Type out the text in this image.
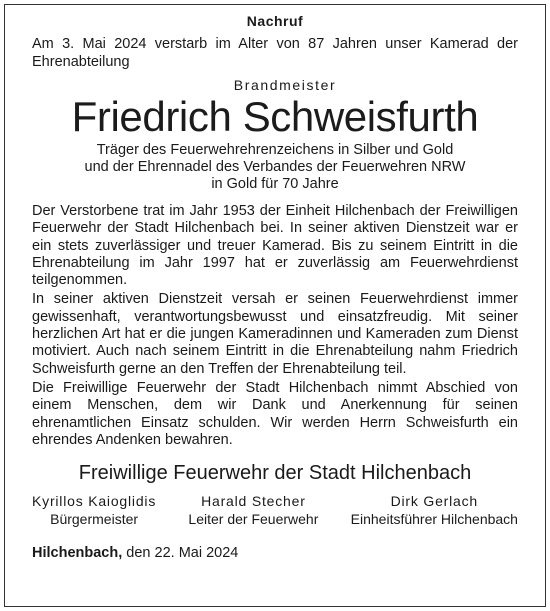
Nachruf
Am 3. Mai 2024 verstarb im Alter von 87 Jahren unser Kamerad der Ehrenabteilung
Brandmeister
Friedrich Schweisfurth
Träger des Feuerwehrehrenzeichens in Silber und Gold
und der Ehrennadel des Verbandes der Feuerwehren NRW
in Gold für 70 Jahre

Der Verstorbene trat im Jahr 1953 der Einheit Hilchenbach der Freiwilligen Feuerwehr der Stadt Hilchenbach bei. In seiner aktiven Dienstzeit war er ein stets zuverlässiger und treuer Kamerad. Bis zu seinem Eintritt in die Ehrenabteilung im Jahr 1997 hat er zuverlässig am Feuerwehrdienst teilgenommen.

In seiner aktiven Dienstzeit versah er seinen Feuerwehrdienst immer gewissenhaft, verantwortungsbewusst und einsatzfreudig. Mit seiner herzlichen Art hat er die jungen Kameradinnen und Kameraden zum Dienst motiviert. Auch nach seinem Eintritt in die Ehrenabteilung nahm Friedrich Schweisfurth gerne an den Treffen der Ehrenabteilung teil.

Die Freiwillige Feuerwehr der Stadt Hilchenbach nimmt Abschied von einem Menschen, dem wir Dank und Anerkennung für seinen ehrenamtlichen Einsatz schulden. Wir werden Herrn Schweisfurth ein ehrendes Andenken bewahren.

Freiwillige Feuerwehr der Stadt Hilchenbach
Kyrillos Kaioglidis
Bürgermeister
Harald Stecher
Leiter der Feuerwehr
Dirk Gerlach
Einheitsführer Hilchenbach
Hilchenbach, den 22. Mai 2024
